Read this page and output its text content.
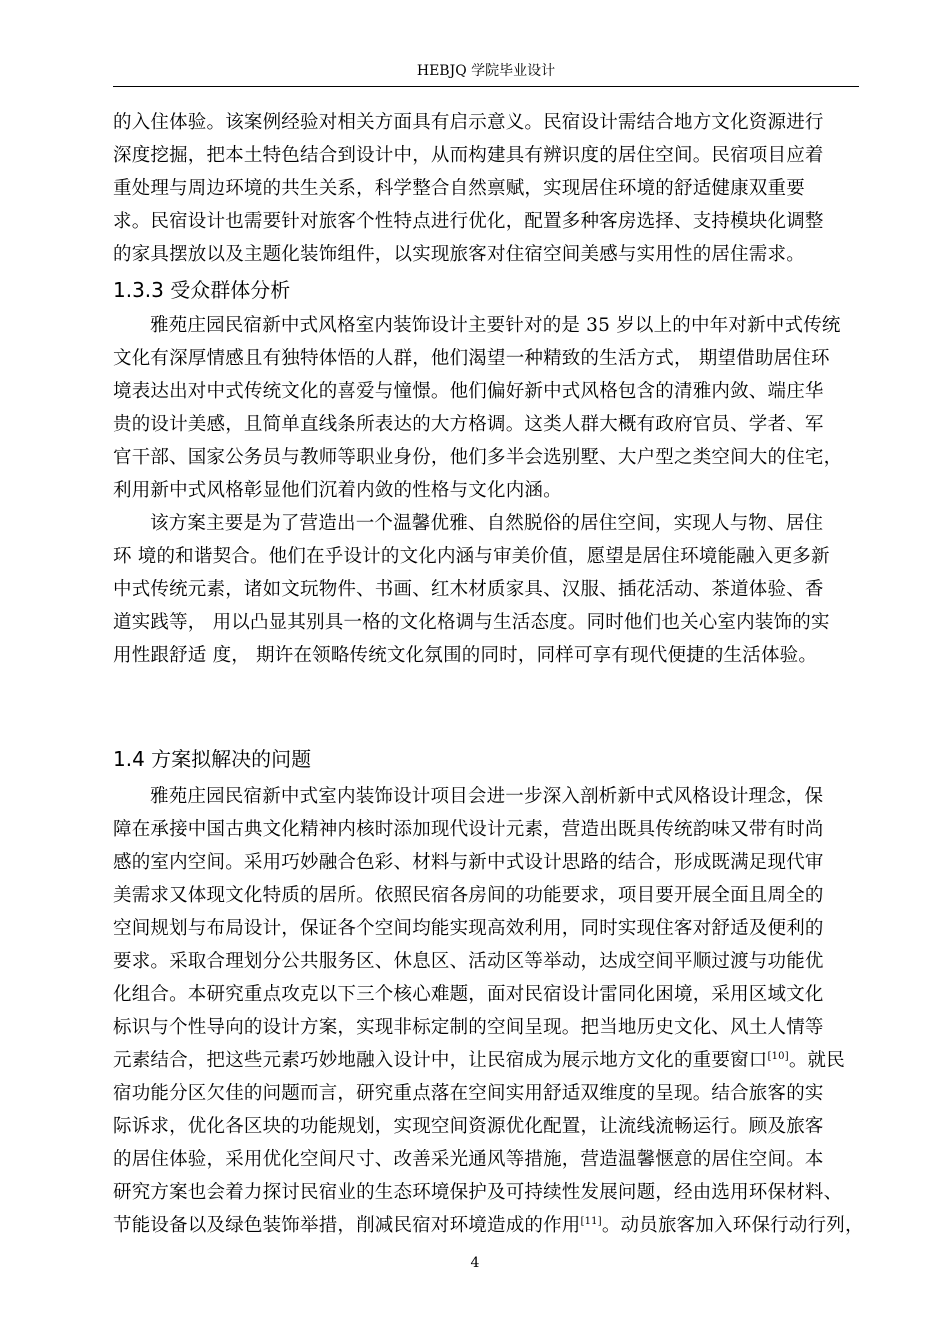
HEBJQ 学院毕业设计
的入住体验。该案例经验对相关方面具有启示意义。民宿设计需结合地方文化资源进行
深度挖掘，把本土特色结合到设计中，从而构建具有辨识度的居住空间。民宿项目应着
重处理与周边环境的共生关系，科学整合自然禀赋，实现居住环境的舒适健康双重要
求。民宿设计也需要针对旅客个性特点进行优化，配置多种客房选择、支持模块化调整
的家具摆放以及主题化装饰组件，以实现旅客对住宿空间美感与实用性的居住需求。
1.3.3 受众群体分析
雅苑庄园民宿新中式风格室内装饰设计主要针对的是 35 岁以上的中年对新中式传统
文化有深厚情感且有独特体悟的人群，他们渴望一种精致的生活方式， 期望借助居住环
境表达出对中式传统文化的喜爱与憧憬。他们偏好新中式风格包含的清雅内敛、端庄华
贵的设计美感，且简单直线条所表达的大方格调。这类人群大概有政府官员、学者、军
官干部、国家公务员与教师等职业身份，他们多半会选别墅、大户型之类空间大的住宅，
利用新中式风格彰显他们沉着内敛的性格与文化内涵。
该方案主要是为了营造出一个温馨优雅、自然脱俗的居住空间，实现人与物、居住
环 境的和谐契合。他们在乎设计的文化内涵与审美价值，愿望是居住环境能融入更多新
中式传统元素，诸如文玩物件、书画、红木材质家具、汉服、插花活动、茶道体验、香
道实践等， 用以凸显其别具一格的文化格调与生活态度。同时他们也关心室内装饰的实
用性跟舒适 度， 期许在领略传统文化氛围的同时，同样可享有现代便捷的生活体验。
1.4 方案拟解决的问题
雅苑庄园民宿新中式室内装饰设计项目会进一步深入剖析新中式风格设计理念，保
障在承接中国古典文化精神内核时添加现代设计元素，营造出既具传统韵味又带有时尚
感的室内空间。采用巧妙融合色彩、材料与新中式设计思路的结合，形成既满足现代审
美需求又体现文化特质的居所。依照民宿各房间的功能要求，项目要开展全面且周全的
空间规划与布局设计，保证各个空间均能实现高效利用，同时实现住客对舒适及便利的
要求。采取合理划分公共服务区、休息区、活动区等举动，达成空间平顺过渡与功能优
化组合。本研究重点攻克以下三个核心难题，面对民宿设计雷同化困境，采用区域文化
标识与个性导向的设计方案，实现非标定制的空间呈现。把当地历史文化、风土人情等
元素结合，把这些元素巧妙地融入设计中，让民宿成为展示地方文化的重要窗口[10]。就民
宿功能分区欠佳的问题而言，研究重点落在空间实用舒适双维度的呈现。结合旅客的实
际诉求，优化各区块的功能规划，实现空间资源优化配置，让流线流畅运行。顾及旅客
的居住体验，采用优化空间尺寸、改善采光通风等措施，营造温馨惬意的居住空间。本
研究方案也会着力探讨民宿业的生态环境保护及可持续性发展问题，经由选用环保材料、
节能设备以及绿色装饰举措，削减民宿对环境造成的作用[11]。动员旅客加入环保行动行列，
4
